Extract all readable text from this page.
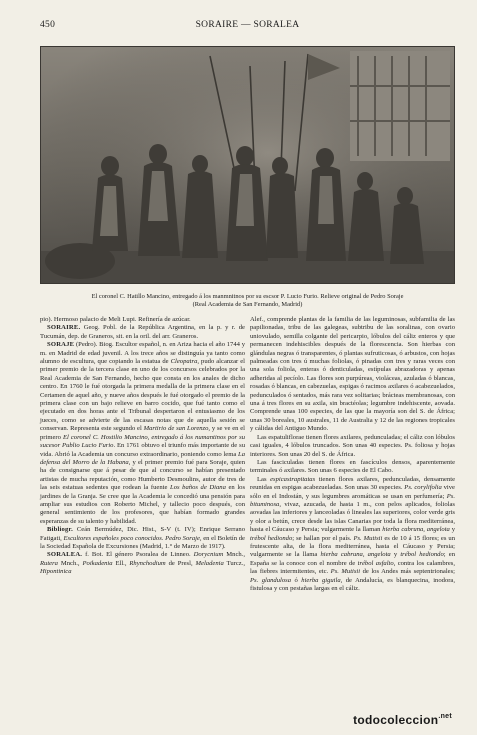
450	SORAIRE — SORALEA
El coronel C. Hatillo Mancino, entregado á los manmnitnos por su escsor P. Lucio Furio. Relieve original de Pedro Soraje
(Real Academia de San Fernando, Madrid)

pio). Hermoso palacio de Meli Lupi. Refinería de azúcar.

SORAIRE. Geog. Pobl. de la República Argentina, en la p. y r. de Tucumán, dep. de Graneros, sit. en la oril. del arr. Graneros.

SORAJE (Pedro). Biog. Escultor español, n. en Ariza hacia el año 1744 y m. en Madrid de edad juvenil. A los trece años se distinguía ya tanto como alumno de escultura, que copiando la estatua de Cleopatra, pudo alcanzar el primer premio de la tercera clase en uno de los concursos celebrados por la Real Academia de San Fernando, hecho que consta en los anales de dicho centro. En 1760 le fué otorgada la primera medalla de la primera clase en el Certamen de aquel año, y nueve años después le fué otorgado el premio de la primera clase con un bajo relieve en barro cocido, que fué tanto como el ejecutado en dos horas ante el Tribunal despertaron el entusiasmo de los jueces, como se advierte de las escasas notas que de aquella sesión se conservan. Representa este segundo el Martirio de san Lorenzo, y se ve en el primero El coronel C. Hostilio Mancino, entregado á los numantinos por su sucesor Publio Lucio Furio. En 1761 obtuvo el triunfo más importante de su vida. Abrió la Academia un concurso extraordinario, poniendo como lema La defensa del Morro de la Habana, y el primer premio fué para Soraje, quien ha de consignarse que á pesar de que al concurso se habían presentado artistas de mucha reputación, como Humberto Desmoulins, autor de tres de las seis estatuas sedentes que rodean la fuente Los baños de Diana en los jardines de la Granja. Se cree que la Academia le concedió una pensión para ampliar sus estudios con Roberto Michel, y tallecio poco después, con general sentimiento de los profesores, que habían formado grandes esperanzas de su talento y habilidad.

Bibliogr. Ceán Bermúdez, Dic. Hist., S-V (t. IV); Enrique Serrano Fatigati, Escultores españoles poco conocidos. Pedro Soraje, en el Boletín de la Sociedad Española de Excursiones (Madrid, 1.° de Marzo de 1917).

SORALEA. f. Bot. El género Psoralea de Linneo. Dorycnium Mnch., Rutera Mnch., Poikadenia Ell., Rhynchodium de Presl, Meladenia Turcz., Hipontinica

Alef., comprende plantas de la familia de las leguminosas, subfamilia de las papilionadas, tribu de las galegeas, subtribu de las soralinas, con ovario uniovulado, semilla colgante del pericarpio, lóbulos del cáliz enteros y que permanecen indehiscibles después de la florescencia. Son hierbas con glándulas negras ó transparentes, ó plantas sufruticosas, ó arbustos, con hojas palmeadas con tres ú muchas foliolas, ó pinadas con tres y raras veces con una sola foliola, enteras ó denticuladas, estípulas abrazadoras y apenas adheridas al pecíolo. Las flores son purpúreas, violáceas, azuladas ó blancas, rosadas ó blancas, en cabezuelas, espigas ó racimos axilares ó acabezuelados, pedunculados ó sentados, más rara vez solitarias; brácteas membranosas, con una á tres flores en su axila, sin bractéolas; legumbre indehiscente, aovada. Comprende unas 100 especies, de las que la mayoría son del S. de África; unas 30 boreales, 10 australes, 11 de Australia y 12 de las regiones tropicales y cálidas del Antiguo Mundo.

Las espatuliflorae tienen flores axilares, pedunculadas; el cáliz con lóbulos casi iguales, 4 lóbulos truncados. Son unas 40 especies. Ps. foliosa y hojas interiores. Son unas 20 del S. de África.

Las fasciculadas tienen flores en fascículos densos, aparentemente terminales ó axilares. Son unas 6 especies de El Cabo.

Las espicastrapitatas tienen flores axilares, pedunculadas, densamente reunidas en espigas acabezueladas. Son unas 30 especies. Ps. corylifolia vive sólo en el Indostán, y sus legumbres aromáticas se usan en perfumería; Ps. bituminosa, vivaz, azucada, de hasta 1 m., con pelos aplicados, foliolas aovadas las inferiores y lanceoladas ó lineales las superiores, color verde gris y olor a betún, crece desde las islas Canarias por toda la flora mediterránea, hasta el Cáucaso y Persia; vulgarmente la llaman hierba cabruna, angelota y trébol hediondo; se hallan por el país. Ps. Mutisii es de 10 á 15 flores; es un frutescente alta, de la flora mediterránea, hasta el Cáucaso y Persia; vulgarmente se la llama hierba cabruna, angelota y trébol hediondo; en España se la conoce con el nombre de trébol asfalto, contra los calambres, las fiebres intermitentes, etc. Ps. Mutisii de los Andes más septentrionales; Ps. glandulosa ó hierba giguila, de Andalucía, es blanquecina, inodora, fistulosa y con pestañas largas en el cáliz.

todocoleccion$^{.net}$
